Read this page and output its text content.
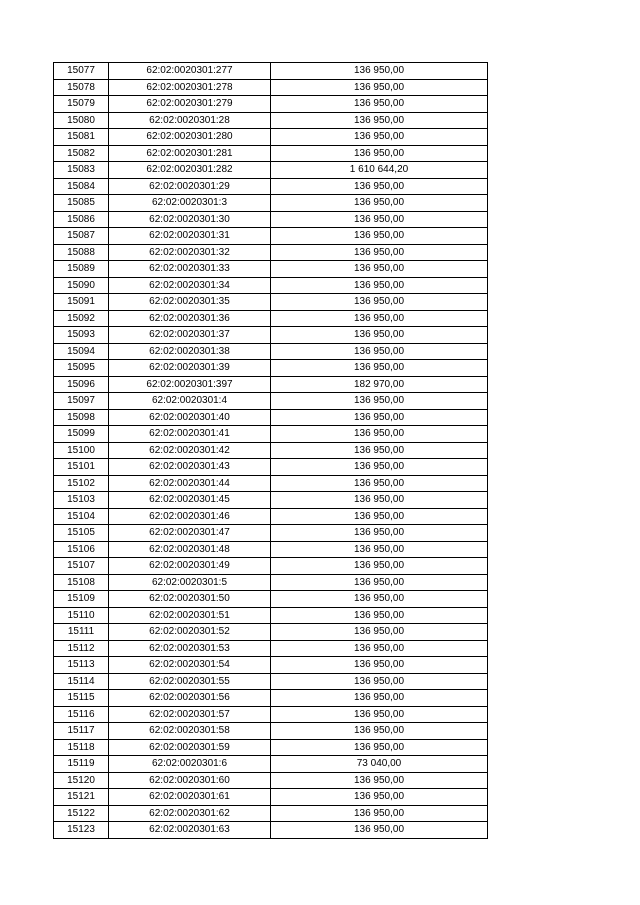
15077	62:02:0020301:277	136 950,00
15078	62:02:0020301:278	136 950,00
15079	62:02:0020301:279	136 950,00
15080	62:02:0020301:28	136 950,00
15081	62:02:0020301:280	136 950,00
15082	62:02:0020301:281	136 950,00
15083	62:02:0020301:282	1 610 644,20
15084	62:02:0020301:29	136 950,00
15085	62:02:0020301:3	136 950,00
15086	62:02:0020301:30	136 950,00
15087	62:02:0020301:31	136 950,00
15088	62:02:0020301:32	136 950,00
15089	62:02:0020301:33	136 950,00
15090	62:02:0020301:34	136 950,00
15091	62:02:0020301:35	136 950,00
15092	62:02:0020301:36	136 950,00
15093	62:02:0020301:37	136 950,00
15094	62:02:0020301:38	136 950,00
15095	62:02:0020301:39	136 950,00
15096	62:02:0020301:397	182 970,00
15097	62:02:0020301:4	136 950,00
15098	62:02:0020301:40	136 950,00
15099	62:02:0020301:41	136 950,00
15100	62:02:0020301:42	136 950,00
15101	62:02:0020301:43	136 950,00
15102	62:02:0020301:44	136 950,00
15103	62:02:0020301:45	136 950,00
15104	62:02:0020301:46	136 950,00
15105	62:02:0020301:47	136 950,00
15106	62:02:0020301:48	136 950,00
15107	62:02:0020301:49	136 950,00
15108	62:02:0020301:5	136 950,00
15109	62:02:0020301:50	136 950,00
15110	62:02:0020301:51	136 950,00
15111	62:02:0020301:52	136 950,00
15112	62:02:0020301:53	136 950,00
15113	62:02:0020301:54	136 950,00
15114	62:02:0020301:55	136 950,00
15115	62:02:0020301:56	136 950,00
15116	62:02:0020301:57	136 950,00
15117	62:02:0020301:58	136 950,00
15118	62:02:0020301:59	136 950,00
15119	62:02:0020301:6	73 040,00
15120	62:02:0020301:60	136 950,00
15121	62:02:0020301:61	136 950,00
15122	62:02:0020301:62	136 950,00
15123	62:02:0020301:63	136 950,00
